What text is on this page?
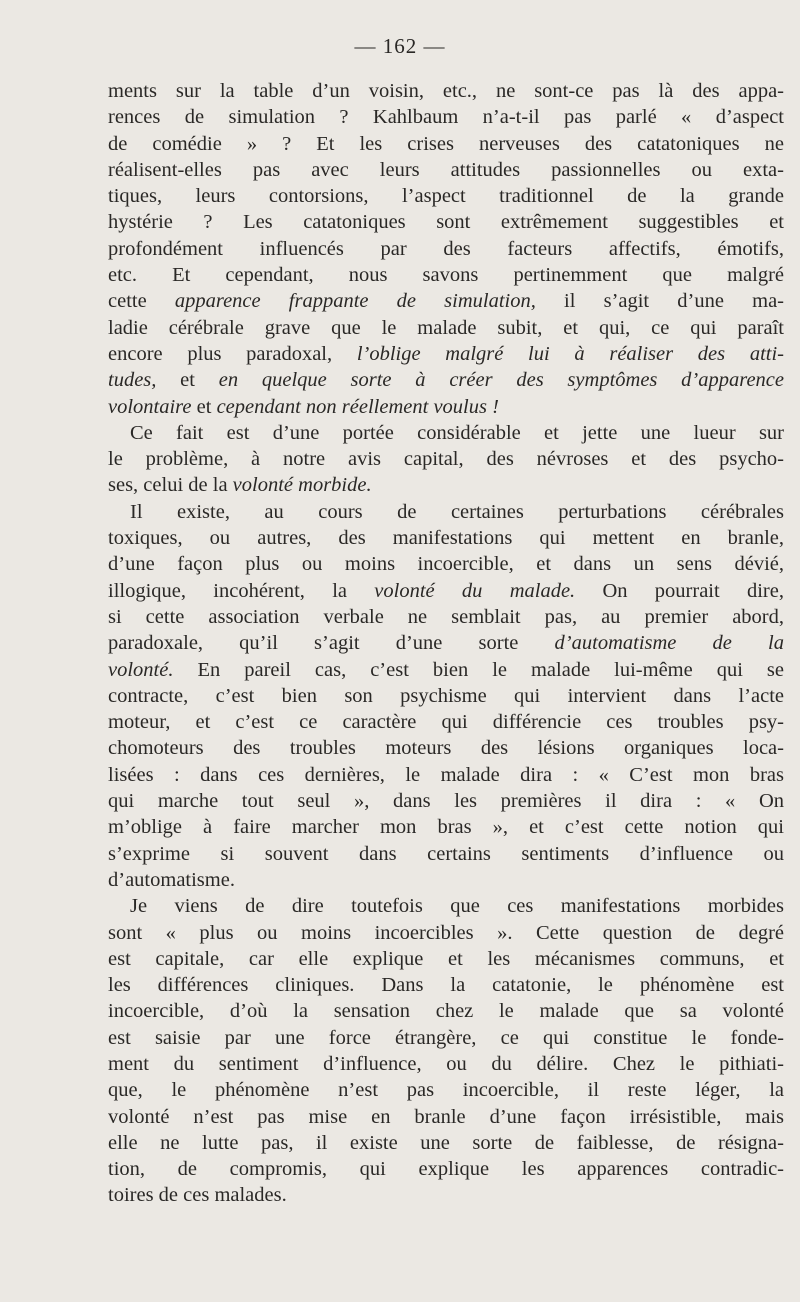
— 162 —

ments sur la table d’un voisin, etc., ne sont-ce pas là des appa-

rences de simulation ? Kahlbaum n’a-t-il pas parlé « d’aspect

de comédie » ? Et les crises nerveuses des catatoniques ne

réalisent-elles pas avec leurs attitudes passionnelles ou exta-

tiques, leurs contorsions, l’aspect traditionnel de la grande

hystérie ? Les catatoniques sont extrêmement suggestibles et

profondément influencés par des facteurs affectifs, émotifs,

etc. Et cependant, nous savons pertinemment que malgré

cette apparence frappante de simulation, il s’agit d’une ma-

ladie cérébrale grave que le malade subit, et qui, ce qui paraît

encore plus paradoxal, l’oblige malgré lui à réaliser des atti-

tudes, et en quelque sorte à créer des symptômes d’apparence

volontaire et cependant non réellement voulus !

Ce fait est d’une portée considérable et jette une lueur sur

le problème, à notre avis capital, des névroses et des psycho-

ses, celui de la volonté morbide.

Il existe, au cours de certaines perturbations cérébrales

toxiques, ou autres, des manifestations qui mettent en branle,

d’une façon plus ou moins incoercible, et dans un sens dévié,

illogique, incohérent, la volonté du malade. On pourrait dire,

si cette association verbale ne semblait pas, au premier abord,

paradoxale, qu’il s’agit d’une sorte d’automatisme de la

volonté. En pareil cas, c’est bien le malade lui-même qui se

contracte, c’est bien son psychisme qui intervient dans l’acte

moteur, et c’est ce caractère qui différencie ces troubles psy-

chomoteurs des troubles moteurs des lésions organiques loca-

lisées : dans ces dernières, le malade dira : « C’est mon bras

qui marche tout seul », dans les premières il dira : « On

m’oblige à faire marcher mon bras », et c’est cette notion qui

s’exprime si souvent dans certains sentiments d’influence ou

d’automatisme.

Je viens de dire toutefois que ces manifestations morbides

sont « plus ou moins incoercibles ». Cette question de degré

est capitale, car elle explique et les mécanismes communs, et

les différences cliniques. Dans la catatonie, le phénomène est

incoercible, d’où la sensation chez le malade que sa volonté

est saisie par une force étrangère, ce qui constitue le fonde-

ment du sentiment d’influence, ou du délire. Chez le pithiati-

que, le phénomène n’est pas incoercible, il reste léger, la

volonté n’est pas mise en branle d’une façon irrésistible, mais

elle ne lutte pas, il existe une sorte de faiblesse, de résigna-

tion, de compromis, qui explique les apparences contradic-

toires de ces malades.
